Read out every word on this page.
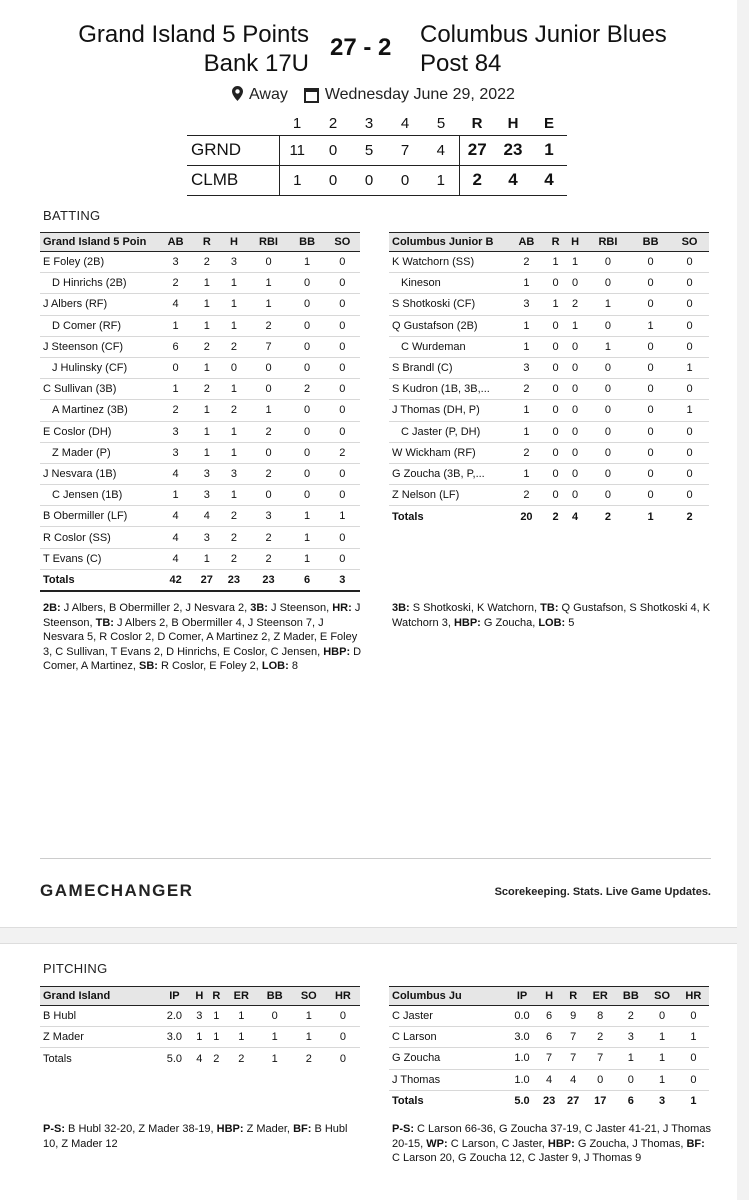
Grand Island 5 Points
Bank 17U
27 - 2 Columbus Junior Blues
Post 84
Away Wednesday June 29, 2022
	1	2	3	4	5	R	H	E
GRND	11	0	5	7	4	27	23	1
CLMB	1	0	0	0	1	2	4	4
BATTING
Grand Island 5 Poin	AB	R	H	RBI	BB	SO
E Foley (2B)	3	2	3	0	1	0
D Hinrichs (2B)	2	1	1	1	0	0
J Albers (RF)	4	1	1	1	0	0
D Comer (RF)	1	1	1	2	0	0
J Steenson (CF)	6	2	2	7	0	0
J Hulinsky (CF)	0	1	0	0	0	0
C Sullivan (3B)	1	2	1	0	2	0
A Martinez (3B)	2	1	2	1	0	0
E Coslor (DH)	3	1	1	2	0	0
Z Mader (P)	3	1	1	0	0	2
J Nesvara (1B)	4	3	3	2	0	0
C Jensen (1B)	1	3	1	0	0	0
B Obermiller (LF)	4	4	2	3	1	1
R Coslor (SS)	4	3	2	2	1	0
T Evans (C)	4	1	2	2	1	0
Totals	42	27	23	23	6	3
Columbus Junior B	AB	R	H	RBI	BB	SO
K Watchorn (SS)	2	1	1	0	0	0
Kineson	1	0	0	0	0	0
S Shotkoski (CF)	3	1	2	1	0	0
Q Gustafson (2B)	1	0	1	0	1	0
C Wurdeman	1	0	0	1	0	0
S Brandl (C)	3	0	0	0	0	1
S Kudron (1B, 3B,...	2	0	0	0	0	0
J Thomas (DH, P)	1	0	0	0	0	1
C Jaster (P, DH)	1	0	0	0	0	0
W Wickham (RF)	2	0	0	0	0	0
G Zoucha (3B, P,...	1	0	0	0	0	0
Z Nelson (LF)	2	0	0	0	0	0
Totals	20	2	4	2	1	2
2B: J Albers, B Obermiller 2, J Nesvara 2, 3B: J Steenson, HR: J Steenson, TB: J Albers 2, B Obermiller 4, J Steenson 7, J Nesvara 5, R Coslor 2, D Comer, A Martinez 2, Z Mader, E Foley 3, C Sullivan, T Evans 2, D Hinrichs, E Coslor, C Jensen, HBP: D Comer, A Martinez, SB: R Coslor, E Foley 2, LOB: 8
3B: S Shotkoski, K Watchorn, TB: Q Gustafson, S Shotkoski 4, K Watchorn 3, HBP: G Zoucha, LOB: 5
GAMECHANGER	Scorekeeping. Stats. Live Game Updates.
PITCHING
Grand Island	IP	H	R	ER	BB	SO	HR
B Hubl	2.0	3	1	1	0	1	0
Z Mader	3.0	1	1	1	1	1	0
Totals	5.0	4	2	2	1	2	0
Columbus Ju	IP	H	R	ER	BB	SO	HR
C Jaster	0.0	6	9	8	2	0	0
C Larson	3.0	6	7	2	3	1	1
G Zoucha	1.0	7	7	7	1	1	0
J Thomas	1.0	4	4	0	0	1	0
Totals	5.0	23	27	17	6	3	1
P-S: B Hubl 32-20, Z Mader 38-19, HBP: Z Mader, BF: B Hubl 10, Z Mader 12
P-S: C Larson 66-36, G Zoucha 37-19, C Jaster 41-21, J Thomas 20-15, WP: C Larson, C Jaster, HBP: G Zoucha, J Thomas, BF: C Larson 20, G Zoucha 12, C Jaster 9, J Thomas 9
